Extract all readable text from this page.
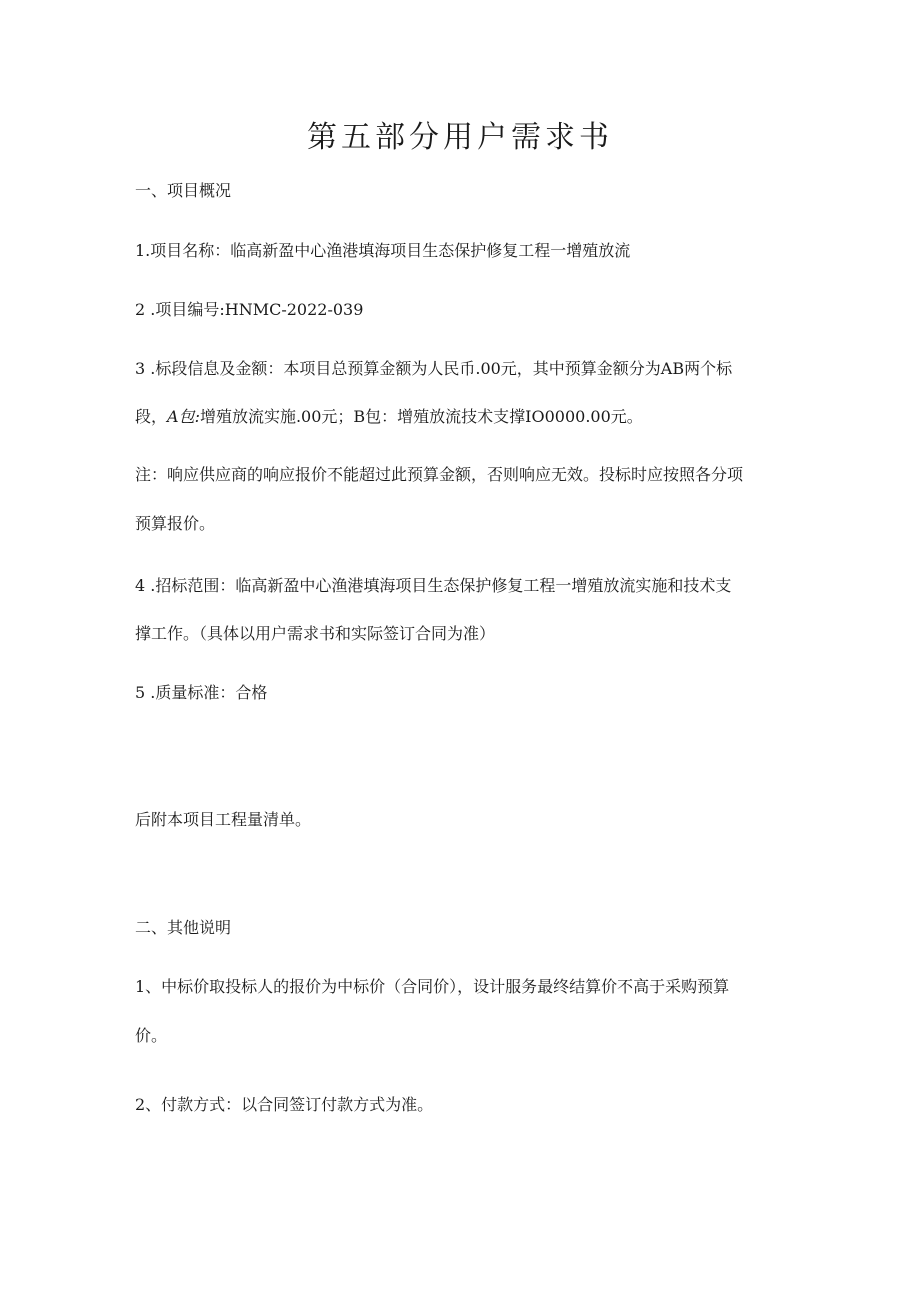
第五部分用户需求书

一、项目概况

1.项目名称：临高新盈中心渔港填海项目生态保护修复工程一增殖放流

2 .项目编号:HNMC-2022-039

3 .标段信息及金额：本项目总预算金额为人民币.00元，其中预算金额分为AB两个标

段，A包:增殖放流实施.00元；B包：增殖放流技术支撑IO0000.00元。

注：响应供应商的响应报价不能超过此预算金额，否则响应无效。投标时应按照各分项

预算报价。

4 .招标范围：临高新盈中心渔港填海项目生态保护修复工程一增殖放流实施和技术支

撑工作。（具体以用户需求书和实际签订合同为准）

5 .质量标准：合格

后附本项目工程量清单。

二、其他说明

1、中标价取投标人的报价为中标价（合同价），设计服务最终结算价不高于采购预算

价。

2、付款方式：以合同签订付款方式为准。
